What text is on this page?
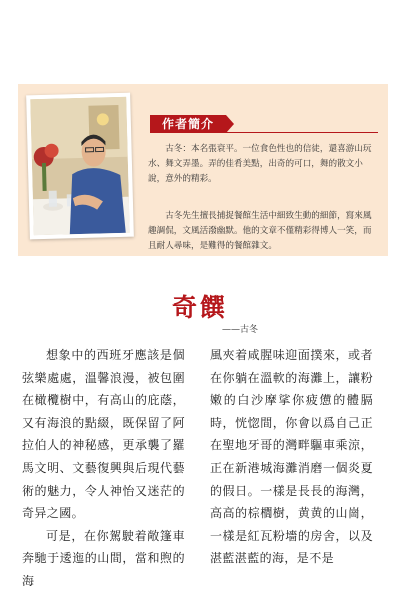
作者簡介

古冬：本名張衰平。一位食色性也的信徒，還喜游山玩水、舞文弄墨。弄的佳肴美點，出奇的可口，舞的散文小說，意外的精彩。

古冬先生擅長捕捉餐館生活中細致生動的細節，寫來風趣調侃，文風活潑幽默。他的文章不僅精彩得博人一笑，而且耐人尋味，是難得的餐館雜文。

奇饌

——古冬

想象中的西班牙應該是個弦樂處處，溫馨浪漫，被包圍在橄欖樹中，有高山的庇蔭，又有海浪的點綴，既保留了阿拉伯人的神秘感，更承襲了羅馬文明、文藝復興與后現代藝術的魅力，令人神怡又迷茫的奇异之國。

可是，在你駕駛着敞篷車奔馳于逶迤的山間，當和煦的海

風夾着咸腥味迎面撲來，或者在你躺在溫軟的海灘上，讓粉嫩的白沙摩挲你疲憊的體膈時，恍惚間，你會以爲自己正在聖地牙哥的灣畔驅車乘涼，正在新港城海灘消磨一個炎夏的假日。一樣是長長的海灣，高高的棕櫚樹，黄黄的山崗，一樣是紅瓦粉墻的房舍，以及湛藍湛藍的海，是不是
